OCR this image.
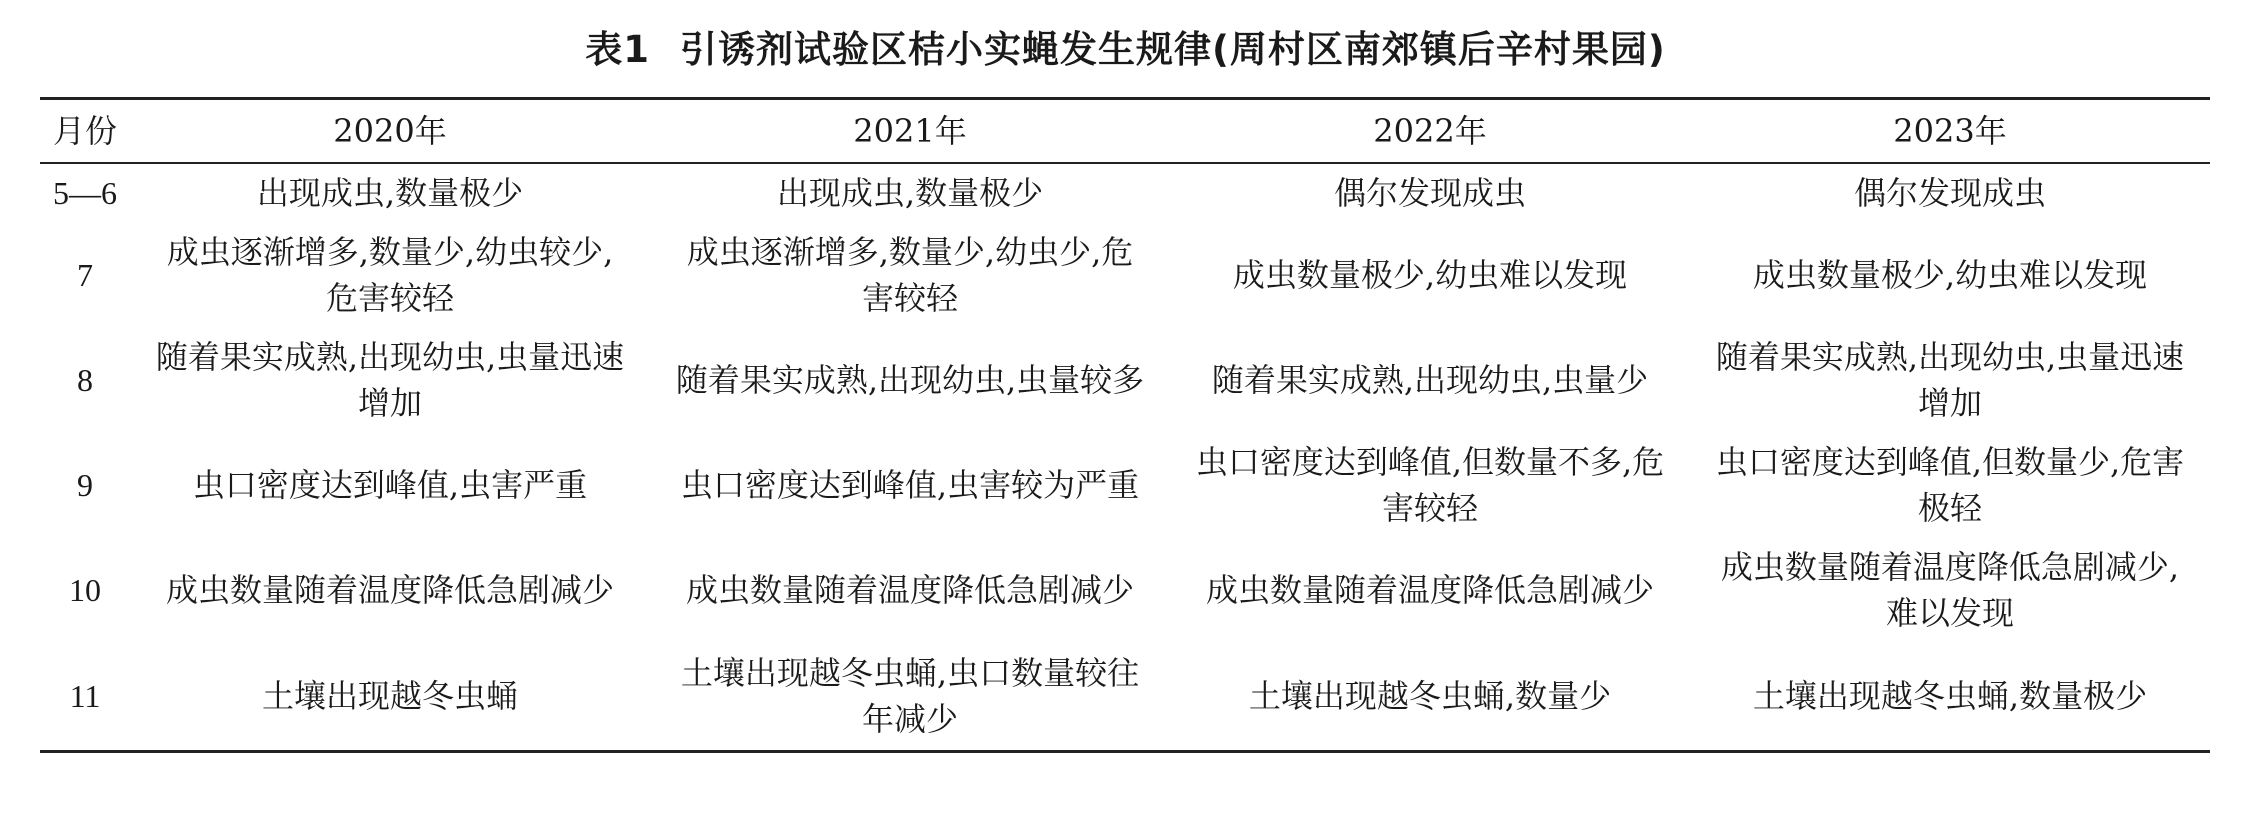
表1 引诱剂试验区桔小实蝇发生规律(周村区南郊镇后辛村果园)
月份	2020年	2021年	2022年	2023年
5—6	出现成虫,数量极少	出现成虫,数量极少	偶尔发现成虫	偶尔发现成虫
7	成虫逐渐增多,数量少,幼虫较少,危害较轻	成虫逐渐增多,数量少,幼虫少,危害较轻	成虫数量极少,幼虫难以发现	成虫数量极少,幼虫难以发现
8	随着果实成熟,出现幼虫,虫量迅速增加	随着果实成熟,出现幼虫,虫量较多	随着果实成熟,出现幼虫,虫量少	随着果实成熟,出现幼虫,虫量迅速增加
9	虫口密度达到峰值,虫害严重	虫口密度达到峰值,虫害较为严重	虫口密度达到峰值,但数量不多,危害较轻	虫口密度达到峰值,但数量少,危害极轻
10	成虫数量随着温度降低急剧减少	成虫数量随着温度降低急剧减少	成虫数量随着温度降低急剧减少	成虫数量随着温度降低急剧减少,难以发现
11	土壤出现越冬虫蛹	土壤出现越冬虫蛹,虫口数量较往年减少	土壤出现越冬虫蛹,数量少	土壤出现越冬虫蛹,数量极少
